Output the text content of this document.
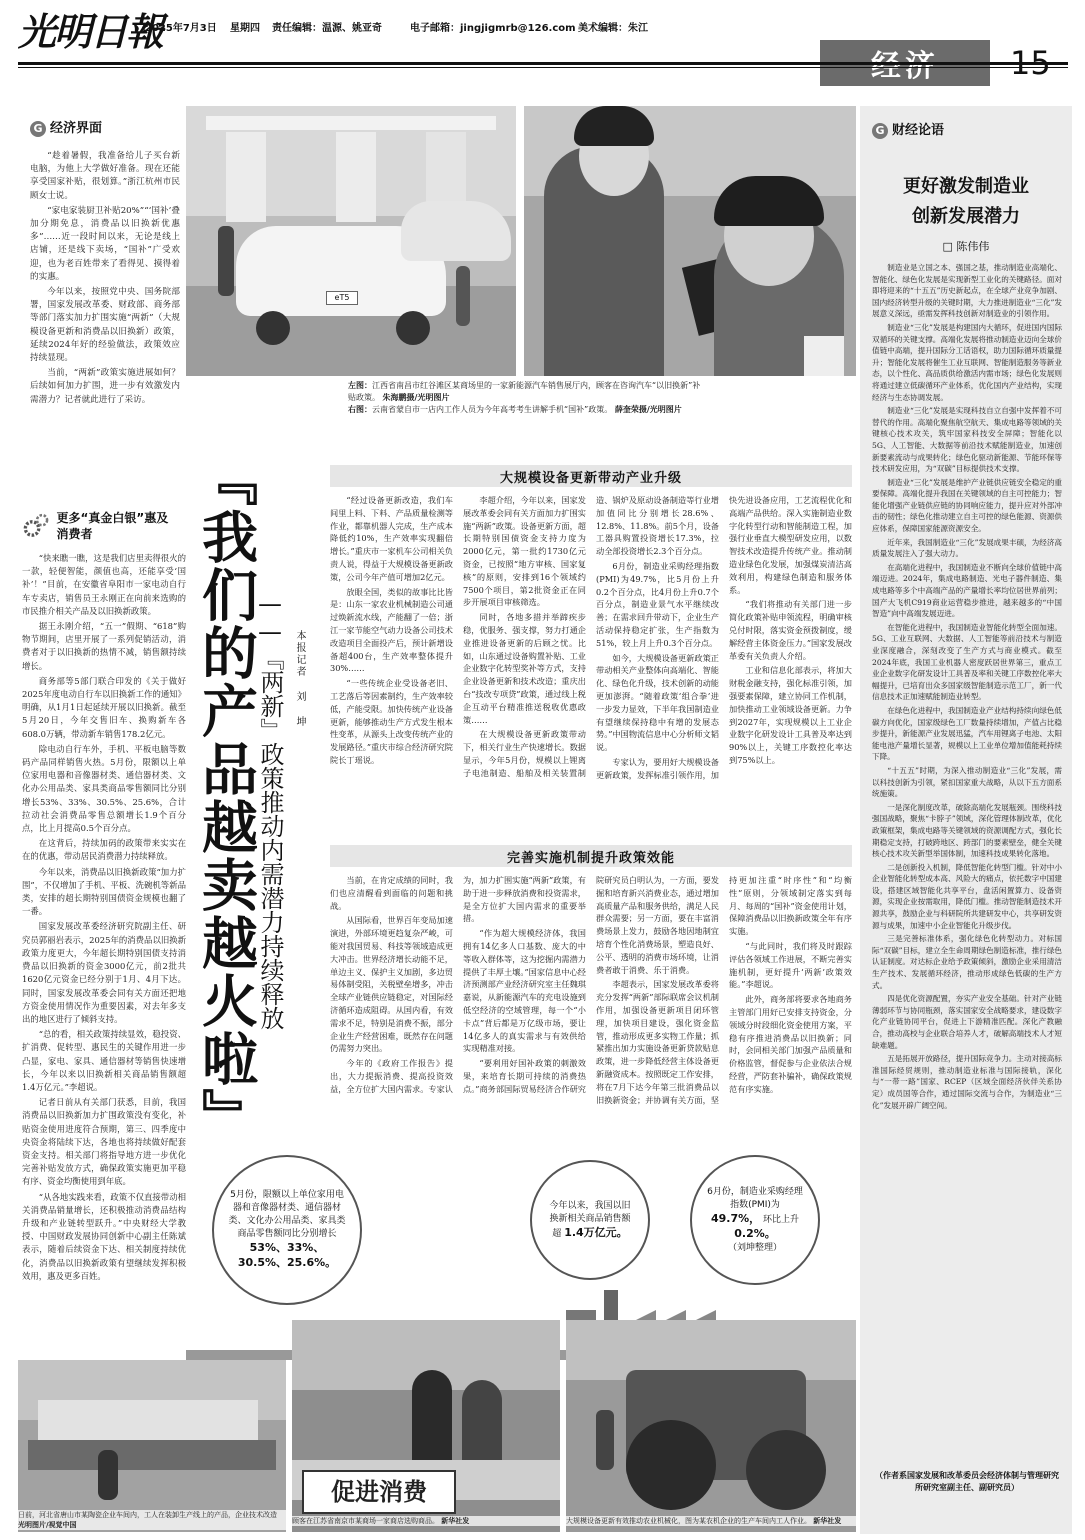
光明日報
2025年7月3日 星期四 责任编辑：温源、姚亚奇	电子邮箱：jingjigmrb@126.com 美术编辑：朱江
G 经济界面

“趁着暑假，我准备给儿子买台新电脑，为他上大学做好准备。现在还能享受国家补贴，很划算。”浙江杭州市民顾女士说。

“家电家装厨卫补贴20%”“‘国补’叠加分期免息，消费品以旧换新优惠多”……近一段时间以来，无论是线上店铺，还是线下卖场，“国补”广受欢迎，也为老百姓带来了看得见、摸得着的实惠。

今年以来，按照党中央、国务院部署，国家发展改革委、财政部、商务部等部门落实加力扩围实施“两新”（大规模设备更新和消费品以旧换新）政策，延续2024年好的经验做法，政策效应持续显现。

当前，“两新”政策实施进展如何？后续如何加力扩围，进一步有效激发内需潜力？记者就此进行了采访。

更多“真金白银”惠及消费者

“快来瞧一瞧，这是我们店里卖得很火的一款，轻便智能，颜值也高，还能享受‘国补’！”目前，在安徽省阜阳市一家电动自行车专卖店，销售员王永刚正在向前来选购的市民推介相关产品及以旧换新政策。

据王永刚介绍，“五一”假期、“618”购物节期间，店里开展了一系列促销活动，消费者对于以旧换新的热情不减，销售额持续增长。

商务部等5部门联合印发的《关于做好2025年度电动自行车以旧换新工作的通知》明确，从1月1日起延续开展以旧换新。截至5月20日，今年交售旧车、换购新车各608.0万辆，带动新车销售178.2亿元。

除电动自行车外，手机、平板电脑等数码产品同样销售火热。5月份，限额以上单位家用电器和音像器材类、通信器材类、文化办公用品类、家具类商品零售额同比分别增长53%、33%、30.5%、25.6%，合计拉动社会消费品零售总额增长1.9个百分点，比上月提高0.5个百分点。

在这背后，持续加码的政策带来实实在在的优惠，带动居民消费潜力持续释放。

今年以来，消费品以旧换新政策“加力扩围”，不仅增加了手机、平板、洗碗机等新品类，安排的超长期特别国债资金规模也翻了一番。

国家发展改革委经济研究院副主任、研究员郭丽岩表示，2025年的消费品以旧换新政策力度更大，今年超长期特别国债支持消费品以旧换新的资金3000亿元，前2批共1620亿元资金已经分别于1月、4月下达。同时，国家发展改革委会同有关方面还把地方资金使用情况作为重要因素，对去年多支出的地区进行了倾斜支持。

“总的看，相关政策持续显效，稳投资、扩消费、促转型、惠民生的关键作用进一步凸显，家电、家具、通信器材等销售快速增长，今年以来以旧换新相关商品销售额超1.4万亿元。”李超说。

记者日前从有关部门获悉，目前，我国消费品以旧换新加力扩围政策没有变化，补贴资金使用进度符合预期，第三、四季度中央资金将陆续下达，各地也将持续做好配套资金支持。相关部门将指导地方进一步优化完善补贴发放方式，确保政策实施更加平稳有序、资金均衡使用到年底。

“从各地实践来看，政策不仅直接带动相关消费品销量增长，还积极推动消费品结构升级和产业链转型跃升。”中央财经大学教授、中国财政发展协同创新中心副主任陈斌表示，随着后续资金下达、相关制度持续优化，消费品以旧换新政策有望继续发挥积极效用，惠及更多百姓。

eT5
左图：江西省南昌市红谷滩区某商场里的一家新能源汽车销售展厅内，顾客在咨询汽车“以旧换新”补贴政策。 朱海鹏摄/光明图片
右图：云南省蒙自市一店内工作人员为今年高考考生讲解手机“国补”政策。 薛奎荣摄/光明图片
『我们的产品越卖越火啦』
——『两新』政策推动内需潜力持续释放 本报记者 刘 坤
大规模设备更新带动产业升级

“经过设备更新改造，我们车间里上料、下料、产品质量检测等作业，都靠机器人完成，生产成本降低约10%，生产效率实现翻倍增长。”重庆市一家机车公司相关负责人说，得益于大规模设备更新政策，公司今年产值可增加2亿元。

放眼全国，类似的故事比比皆是：山东一家农业机械制造公司通过焕新流水线，产能翻了一倍；浙江一家节能空气动力设备公司技术改造项目全面投产后，预计新增设备超400台，生产效率整体提升30%……

“一些传统企业受设备老旧、工艺落后等因素制约，生产效率较低，产能受限。加快传统产业设备更新，能够推动生产方式发生根本性变革，从源头上改变传统产业的发展路径。”重庆市综合经济研究院院长丁瑶说。

李超介绍，今年以来，国家发展改革委会同有关方面加力扩围实施“两新”政策。设备更新方面，超长期特别国债资金支持力度为2000亿元，第一批约1730亿元资金，已按照“地方审核、国家复核”的原则，安排到16个领域约7500个项目，第2批资金正在同步开展项目审核筛选。

同时，各地多措并举蹄疾步稳，优服务、强支撑，努力打通企业推进设备更新的后顾之忧。比如，山东通过设备购置补贴、工业企业数字化转型奖补等方式，支持企业设备更新和技术改造；重庆出台“技改专项贷”政策，通过线上税企互动平台精准推送税收优惠政策……

在大规模设备更新政策带动下，相关行业生产快速增长。数据显示，今年5月份，规模以上锂离子电池制造、船舶及相关装置制造、锅炉及原动设备制造等行业增加值同比分别增长28.6%、12.8%、11.8%。前5个月，设备工器具购置投资增长17.3%，拉动全部投资增长2.3个百分点。

6月份，制造业采购经理指数(PMI)为49.7%，比5月份上升0.2个百分点，比4月份上升0.7个百分点，制造业景气水平继续改善；在需求回升带动下，企业生产活动保持稳定扩张，生产指数为51%，较上月上升0.3个百分点。

如今，大规模设备更新政策正带动相关产业整体向高端化、智能化、绿色化升级，技术创新的动能更加澎湃。“随着政策‘组合拳’进一步发力显效，下半年我国制造业有望继续保持稳中有增的发展态势。”中国物流信息中心分析师文韬说。

专家认为，要用好大规模设备更新政策，发挥标准引领作用，加快先进设备应用，工艺流程优化和高端产品供给。深入实施制造业数字化转型行动和智能制造工程，加强行业垂直大模型研发应用，以数智技术改造提升传统产业。推动制造业绿色化发展，加强煤炭清洁高效利用，构建绿色制造和服务体系。

“我们将推动有关部门进一步简化政策补贴申领流程，明确审核兑付时限，落实资金预拨制度，缓解经营主体资金压力。”国家发展改革委有关负责人介绍。

工业和信息化部表示，将加大财税金融支持，强化标准引领，加强要素保障，建立协同工作机制，加快推动工业领域设备更新。力争到2027年，实现规模以上工业企业数字化研发设计工具普及率达到90%以上，关键工序数控化率达到75%以上。

完善实施机制提升政策效能

当前，在肯定成绩的同时，我们也应清醒看到面临的问题和挑战。

从国际看，世界百年变局加速演进，外部环境更趋复杂严峻，可能对我国贸易、科技等领域造成更大冲击。世界经济增长动能不足，单边主义、保护主义加剧，多边贸易体制受阻，关税壁垒增多，冲击全球产业链供应链稳定，对国际经济循环造成阻碍。从国内看，有效需求不足，特别是消费不振，部分企业生产经营困难，既然存在问题仍需努力突出。

今年的《政府工作报告》提出，大力提振消费、提高投资效益，全方位扩大国内需求。专家认为，加力扩围实施“两新”政策，有助于进一步释放消费和投资需求，是全方位扩大国内需求的重要举措。

“作为超大规模经济体，我国拥有14亿多人口基数、庞大的中等收入群体等，这为挖掘内需潜力提供了丰厚土壤。”国家信息中心经济预测部产业经济研究室主任魏琪嘉说，从新能源汽车的充电设施到低空经济的空域管理，每一个“小卡点”背后都是万亿级市场，要让14亿多人的真实需求与有效供给实现精准对接。

“要利用好国补政策的刺激效果，来培育长期可持续的消费热点。”商务部国际贸易经济合作研究院研究员白明认为，一方面，要发掘和培育新兴消费业态，通过增加高质量产品和服务供给，满足人民群众需要；另一方面，要在丰富消费场景上发力，鼓励各地因地制宜培育个性化消费场景，塑造良好、公平、透明的消费市场环境，让消费者敢于消费、乐于消费。

李超表示，国家发展改革委将充分发挥“两新”部际联席会议机制作用，加强设备更新项目闭环管理，加快项目建设，强化资金监管，推动形成更多实物工作量；抓紧推出加力实施设备更新贷款贴息政策，进一步降低经营主体设备更新融资成本。按照既定工作安排，将在7月下达今年第三批消费品以旧换新资金；并协调有关方面，坚持更加注重“时序性”和“均衡性”原则，分领域制定落实到每月、每周的“国补”资金使用计划，保障消费品以旧换新政策全年有序实施。

“与此同时，我们将及时跟踪评估各领域工作进展，不断完善实施机制，更好提升‘两新’政策效能。”李超说。

此外，商务部将要求各地商务主管部门用好已安排支持资金，分领域分时段细化资金使用方案，平稳有序推进消费品以旧换新；同时，会同相关部门加强产品质量和价格监管，督促参与企业依法合规经营，严防套补骗补，确保政策规范有序实施。

5月份，限额以上单位家用电器和音像器材类、通信器材类、文化办公用品类、家具类商品零售额同比分别增长 53%、33%、30.5%、25.6%。
今年以来，我国以旧换新相关商品销售额超 1.4万亿元。
6月份，制造业采购经理指数(PMI)为 49.7%， 环比上升 0.2%。
（刘坤整理）
日前，河北省唐山市某陶瓷企业车间内，工人在装卸生产线上的产品，企业技术改造 光明图片/视觉中国
促进消费
顾客在江苏省南京市某商场一家商店选购商品。 新华社发	大规模设备更新有效推动农业机械化，图为某农机企业的生产车间内工人作业。 新华社发
G 财经论语
更好激发制造业
创新发展潜力
□ 陈伟伟

制造业是立国之本、强国之基，推动制造业高端化、智能化、绿色化发展是实现新型工业化的关键路径。面对即将迎来的“十五五”历史新起点，在全球产业竞争加剧、国内经济转型升级的关键时期，大力推进制造业“三化”发展意义深远，亟需发挥科技创新对制造业的引领作用。

制造业“三化”发展是构建国内大循环，促进国内国际双循环的关键支撑。高端化发展将推动制造业迈向全球价值链中高端，提升国际分工话语权，助力国际循环质量提升；智能化发展将催生工业互联网、智能制造服务等新业态，以个性化、高品质供给激活内需市场；绿色化发展则将通过建立低碳循环产业体系，优化国内产业结构，实现经济与生态协调发展。

制造业“三化”发展是实现科技自立自强中发挥着不可替代的作用。高端化聚焦航空航天、集成电路等领域的关键核心技术攻关，筑牢国家科技安全屏障；智能化以5G、人工智能、大数据等前沿技术赋能制造业，加速创新要素流动与成果转化；绿色化驱动新能源、节能环保等技术研发应用，为“双碳”目标提供技术支撑。

制造业“三化”发展是维护产业链供应链安全稳定的重要保障。高端化提升我国在关键领域的自主可控能力；智能化增强产业链供应链的协同响应能力，提升应对外部冲击的韧性；绿色化推动建立自主可控的绿色能源、资源供应体系，保障国家能源资源安全。

近年来，我国制造业“三化”发展成果丰硕，为经济高质量发展注入了强大动力。

在高端化进程中，我国制造业不断向全球价值链中高端迈进。2024年，集成电路制造、光电子器件制造、集成电路等多个中高端产品的产量增长率均位居世界前列；国产大飞机C919商业运营稳步推进，越来越多的“中国智造”向中高端发展迈进。

在智能化进程中，我国制造业智能化转型全面加速。5G、工业互联网、大数据、人工智能等前沿技术与制造业深度融合，深刻改变了生产方式与商业模式。截至2024年底，我国工业机器人密度跃居世界第三，重点工业企业数字化研发设计工具普及率和关键工序数控化率大幅提升，已培育出众多国家级智能制造示范工厂，新一代信息技术正加速赋能制造业转型。

在绿色化进程中，我国制造业产业结构持续向绿色低碳方向优化，国家级绿色工厂数量持续增加，产值占比稳步提升，新能源产业发展迅猛，汽车用锂离子电池、太阳能电池产量增长显著，规模以上工业单位增加值能耗持续下降。

“十五五”时期，为深入推动制造业“三化”发展，需以科技创新为引领，紧扣国家重大战略，从以下五方面系统施策。

一是深化制度改革，破除高端化发展瓶颈。围绕科技强国战略，聚焦“卡脖子”领域，深化管理体制改革，优化政策框架，集成电路等关键领域的资源调配方式，强化长期稳定支持，打破跨地区、跨部门的要素壁垒，健全关键核心技术攻关新型举国体制，加速科技成果转化落地。

二是创新投入机制，降低智能化转型门槛。针对中小企业智能化转型成本高、风险大的痛点，依托数字中国建设，搭建区域智能化共享平台，盘活闲置算力、设备资源，实现企业按需取用，降低门槛。推动智能制造技术开源共享，鼓励企业与科研院所共建研发中心，共享研发资源与成果，加速中小企业智能化升级步伐。

三是完善标准体系，强化绿色化转型动力。对标国际“双碳”目标，建立全生命周期绿色制造标准，推行绿色认证制度。对达标企业给予政策倾斜，激励企业采用清洁生产技术、发展循环经济，推动形成绿色低碳的生产方式。

四是优化资源配置，夯实产业安全基础。针对产业链薄弱环节与协同瓶颈，落实国家安全战略要求，建设数字化产业链协同平台，促进上下游精准匹配。深化产教融合，推动高校与企业联合培养人才，破解高端技术人才短缺难题。

五是拓展开放路径，提升国际竞争力。主动对接高标准国际经贸规则，推动制造业标准与国际接轨，深化与“一带一路”国家、RCEP（区域全面经济伙伴关系协定）成员国等合作，通过国际交流与合作，为制造业“三化”发展开辟广阔空间。

（作者系国家发展和改革委员会经济体制与管理研究所研究室副主任、副研究员）
